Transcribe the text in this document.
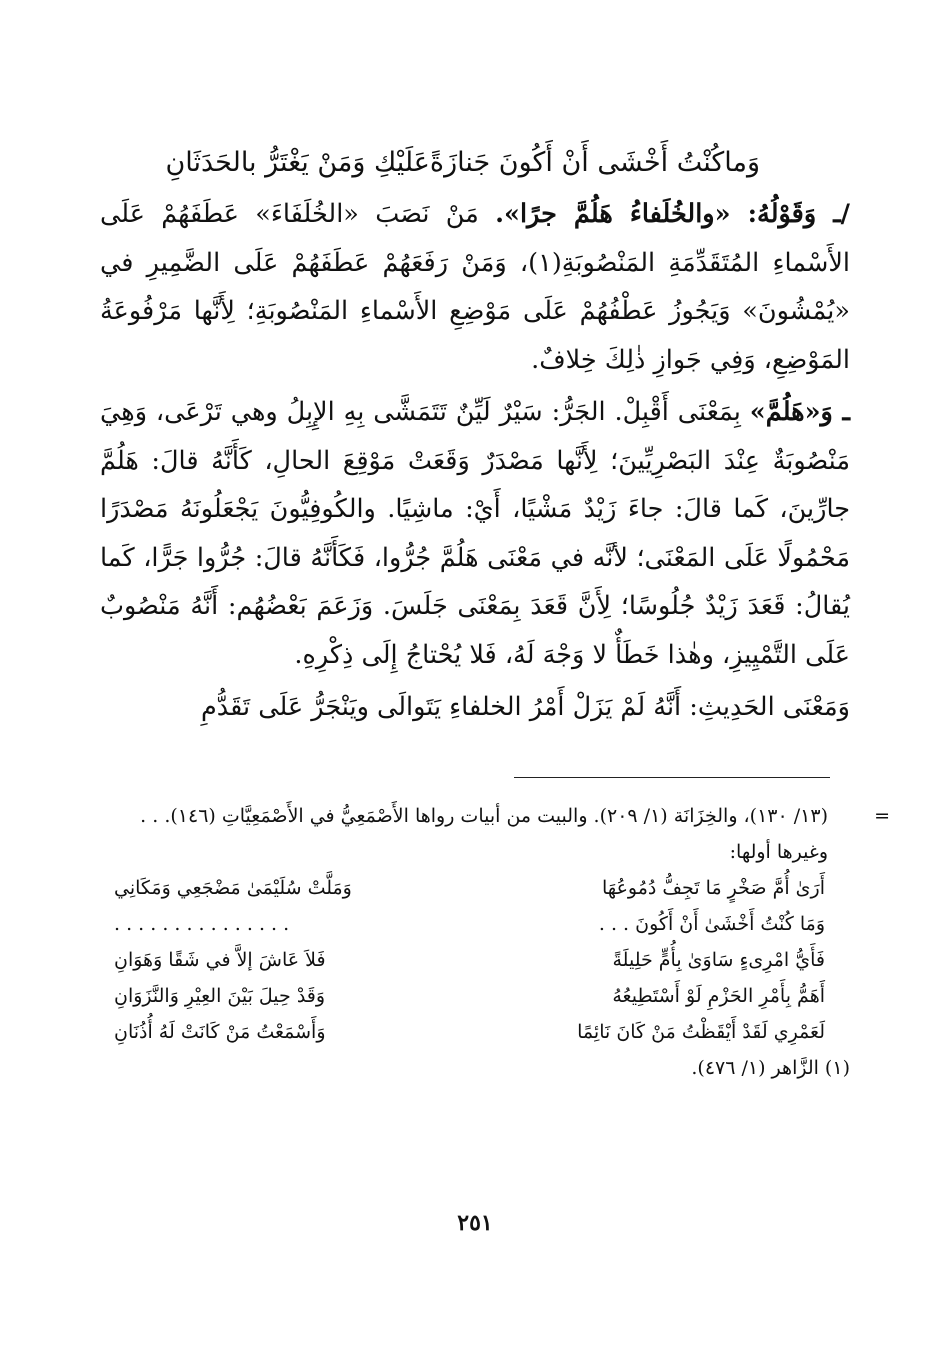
وَماكُنْتُ أَخْشَى أَنْ أَكُونَ جَنازَةً
عَلَيْكِ وَمَنْ يَغْتَرُّ بالحَدَثَانِ

/ـ وَقَوْلُهُ: «والخُلَفاءُ هَلُمَّ جرًا». مَنْ نَصَبَ «الخُلَفَاءَ» عَطَفَهُمْ عَلَى الأَسْماءِ المُتَقَدِّمَةِ المَنْصُوبَةِ(١)، وَمَنْ رَفَعَهُمْ عَطَفَهُمْ عَلَى الضَّمِيرِ في «يُمْشُونَ» وَيَجُوزُ عَطْفُهُمْ عَلَى مَوْضِعِ الأَسْماءِ المَنْصُوبَةِ؛ لِأَنَّها مَرْفُوعَةُ المَوْضِعِ، وَفِي جَوازِ ذٰلِكَ خِلافٌ.

ـ وَ«هَلُمَّ» بِمَعْنَى أَقْبِلْ. الجَرُّ: سَيْرٌ لَيِّنٌ تَتَمَشَّى بِهِ الإِبِلُ وهي تَرْعَى، وَهِيَ مَنْصُوبَةٌ عِنْدَ البَصْرِيِّينَ؛ لِأَنَّها مَصْدَرٌ وَقَعَتْ مَوْقِعَ الحالِ، كَأَنَّهُ قالَ: هَلُمَّ جارِّينَ، كَما قالَ: جاءَ زَيْدٌ مَشْيًا، أَيْ: ماشِيًا. والكُوفِيُّونَ يَجْعَلُونَهُ مَصْدَرًا مَحْمُولًا عَلَى المَعْنَى؛ لأنَّه في مَعْنَى هَلُمَّ جُرُّوا، فَكَأَنَّهُ قالَ: جُرُّوا جَرًّا، كَما يُقالُ: قَعَدَ زَيْدٌ جُلُوسًا؛ لِأَنَّ قَعَدَ بِمَعْنَى جَلَسَ. وَزَعَمَ بَعْضُهُم: أَنَّهُ مَنْصُوبٌ عَلَى التَّمْيِيزِ، وهٰذا خَطَأٌ لا وَجْهَ لَهُ، فَلا يُحْتاجُ إِلَى ذِكْرِهِ.

وَمَعْنَى الحَدِيثِ: أَنَّهُ لَمْ يَزَلْ أَمْرُ الخلفاءِ يَتَوالَى ويَنْجَرُّ عَلَى تَقَدُّمِ

=
(١٣/ ١٣٠)، والخِزَانَة (١/ ٢٠٩). والبيت من أبيات رواها الأَصْمَعِيُّ في الأَصْمَعِيَّاتِ (١٤٦). . . وغيرها أولها:

أَرَىٰ أُمَّ صَخْرٍ مَا تَجِفُّ دُمُوعُهَا
وَمَلَّتْ سُلَيْمَىٰ مَضْجَعِي وَمَكَانِي
وَمَا كُنْتُ أَخْشَىٰ أَنْ أَكُونَ . . .
. . . . . . . . . . . . . . .
فَأَيُّ امْرِىءٍ سَاوَىٰ بِأُمٍّ حَلِيلَةً
فَلاَ عَاشَ إلاَّ في شَقًا وَهَوَانِ
أَهَمُّ بِأَمْرِ الحَزْمِ لَوْ أَسْتَطِيعُهُ
وَقَدْ حِيلَ بَيْنَ العِيْرِ وَالنَّزَوَانِ
لَعَمْرِي لَقَدْ أَيْقَظْتُ مَنْ كَانَ نَائِمًا
وَأَسْمَعْتُ مَنْ كَانَتْ لَهُ أُذُنَانِ

(١) الزَّاهر (١/ ٤٧٦).

٢٥١
